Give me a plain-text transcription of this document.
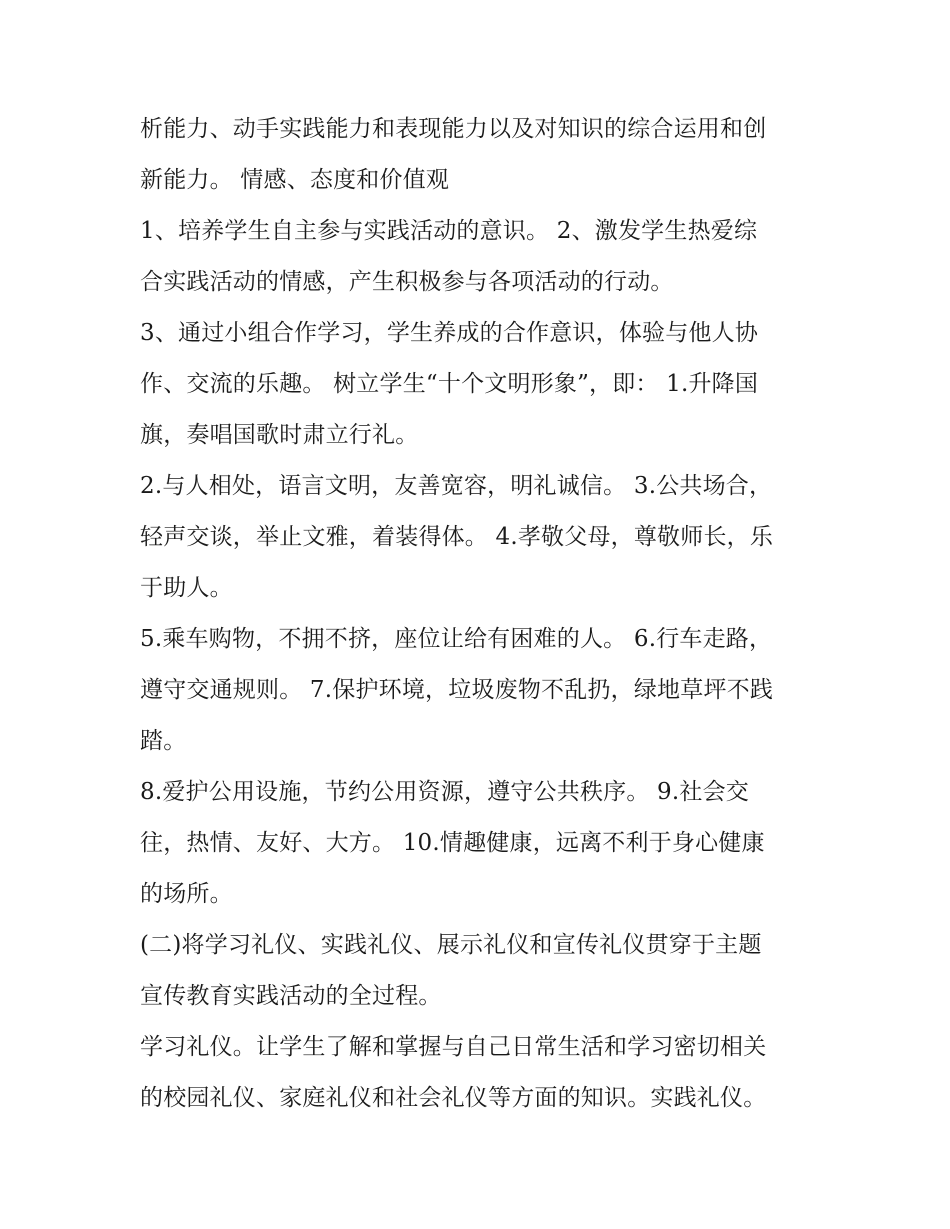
析能力、动手实践能力和表现能力以及对知识的综合运用和创
新能力。 情感、态度和价值观
1、培养学生自主参与实践活动的意识。 2、激发学生热爱综
合实践活动的情感，产生积极参与各项活动的行动。
3、通过小组合作学习，学生养成的合作意识，体验与他人协
作、交流的乐趣。 树立学生“十个文明形象”，即： 1.升降国
旗，奏唱国歌时肃立行礼。
2.与人相处，语言文明，友善宽容，明礼诚信。 3.公共场合，
轻声交谈，举止文雅，着装得体。 4.孝敬父母，尊敬师长，乐
于助人。
5.乘车购物，不拥不挤，座位让给有困难的人。 6.行车走路，
遵守交通规则。 7.保护环境，垃圾废物不乱扔，绿地草坪不践
踏。
8.爱护公用设施，节约公用资源，遵守公共秩序。 9.社会交
往，热情、友好、大方。 10.情趣健康，远离不利于身心健康
的场所。
(二)将学习礼仪、实践礼仪、展示礼仪和宣传礼仪贯穿于主题
宣传教育实践活动的全过程。
学习礼仪。让学生了解和掌握与自己日常生活和学习密切相关
的校园礼仪、家庭礼仪和社会礼仪等方面的知识。实践礼仪。
